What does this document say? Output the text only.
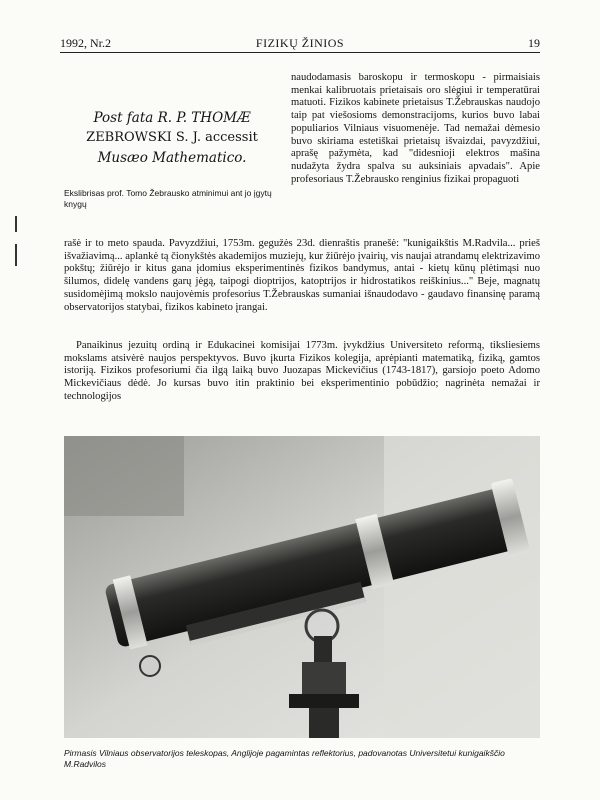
1992, Nr.2	FIZIKŲ ŽINIOS	19
Post fata R. P. THOMÆ
ZEBROWSKI S. J. accessit
Musæo Mathematico.
Ekslibrisas prof. Tomo Žebrausko atminimui ant jo įgytų knygų

naudodamasis baroskopu ir termoskopu - pirmaisiais menkai kalibruotais prietaisais oro slėgiui ir temperatūrai matuoti. Fizikos kabinete prietaisus T.Žebrauskas naudojo taip pat viešosioms demonstracijoms, kurios buvo labai populiarios Vilniaus visuomenėje. Tad nemažai dėmesio buvo skiriama estetiškai prietaisų išvaizdai, pavyzdžiui, aprašę pažymėta, kad "didesnioji elektros mašina nudažyta žydra spalva su auksiniais apvadais". Apie profesoriaus T.Žebrausko renginius fizikai propaguoti

rašė ir to meto spauda. Pavyzdžiui, 1753m. gegužės 23d. dienraštis pranešė: "kunigaikštis M.Radvila... prieš išvažiavimą... aplankė tą čionykštės akademijos muziejų, kur žiūrėjo įvairių, vis naujai atrandamų elektrizavimo pokštų; žiūrėjo ir kitus gana įdomius eksperimentinės fizikos bandymus, antai - kietų kūnų plėtimąsi nuo šilumos, didelę vandens garų jėgą, taipogi dioptrijos, katoptrijos ir hidrostatikos reiškinius..." Beje, magnatų susidomėjimą mokslo naujovėmis profesorius T.Žebrauskas sumaniai išnaudodavo - gaudavo finansinę paramą observatorijos statybai, fizikos kabineto įrangai.

Panaikinus jezuitų ordiną ir Edukacinei komisijai 1773m. įvykdžius Universiteto reformą, tiksliesiems mokslams atsivėrė naujos perspektyvos. Buvo įkurta Fizikos kolegija, aprėpianti matematiką, fiziką, gamtos istoriją. Fizikos profesoriumi čia ilgą laiką buvo Juozapas Mickevičius (1743-1817), garsiojo poeto Adomo Mickevičiaus dėdė. Jo kursas buvo itin praktinio bei eksperimentinio pobūdžio; nagrinėta nemažai ir technologijos

Pirmasis Vilniaus observatorijos teleskopas, Anglijoje pagamintas reflektorius, padovanotas Universitetui kunigaikščio M.Radvilos
